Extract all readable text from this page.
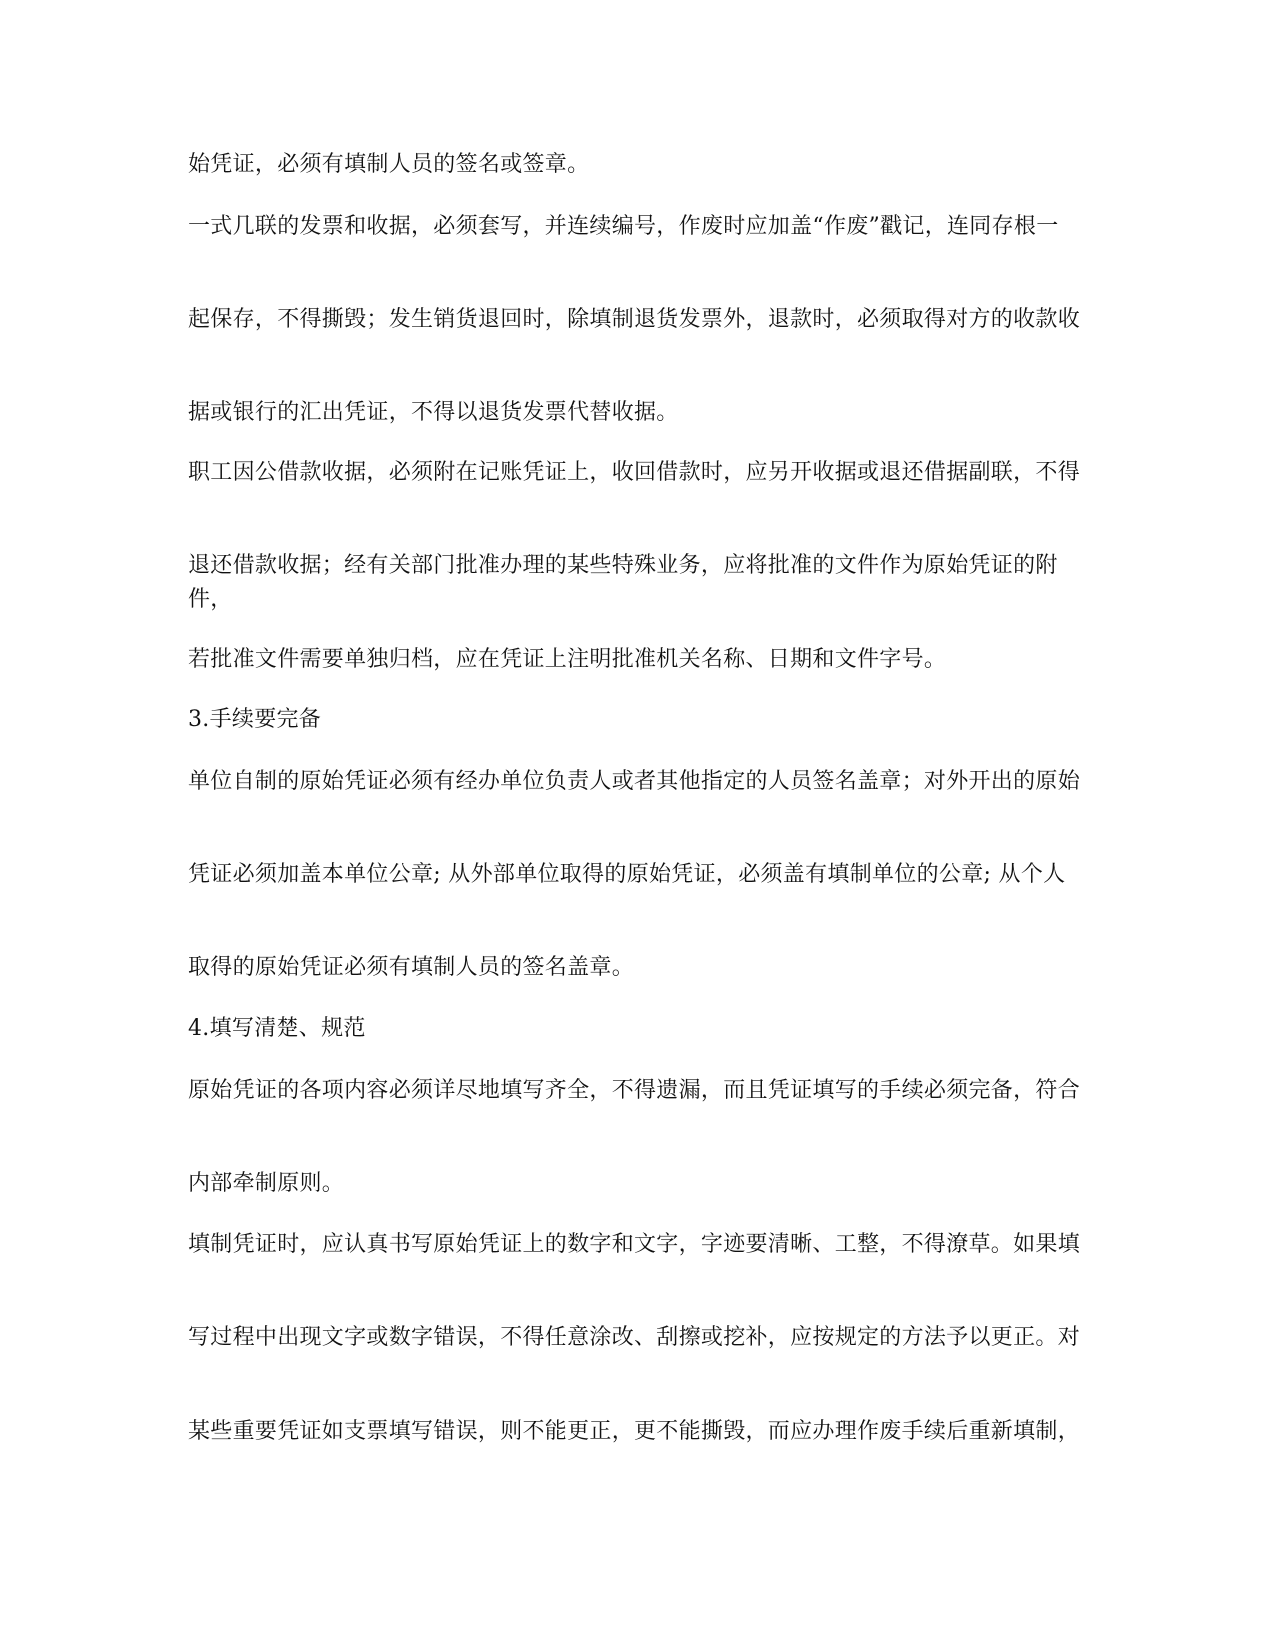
始凭证，必须有填制人员的签名或签章。

一式几联的发票和收据，必须套写，并连续编号，作废时应加盖“作废”戳记，连同存根一

起保存，不得撕毁；发生销货退回时，除填制退货发票外，退款时，必须取得对方的收款收

据或银行的汇出凭证，不得以退货发票代替收据。

职工因公借款收据，必须附在记账凭证上，收回借款时，应另开收据或退还借据副联，不得

退还借款收据；经有关部门批准办理的某些特殊业务，应将批准的文件作为原始凭证的附件，

若批准文件需要单独归档，应在凭证上注明批准机关名称、日期和文件字号。

3.手续要完备

单位自制的原始凭证必须有经办单位负责人或者其他指定的人员签名盖章；对外开出的原始

凭证必须加盖本单位公章; 从外部单位取得的原始凭证，必须盖有填制单位的公章; 从个人

取得的原始凭证必须有填制人员的签名盖章。

4.填写清楚、规范

原始凭证的各项内容必须详尽地填写齐全，不得遗漏，而且凭证填写的手续必须完备，符合

内部牵制原则。

填制凭证时，应认真书写原始凭证上的数字和文字，字迹要清晰、工整，不得潦草。如果填

写过程中出现文字或数字错误，不得任意涂改、刮擦或挖补，应按规定的方法予以更正。对

某些重要凭证如支票填写错误，则不能更正，更不能撕毁，而应办理作废手续后重新填制，
